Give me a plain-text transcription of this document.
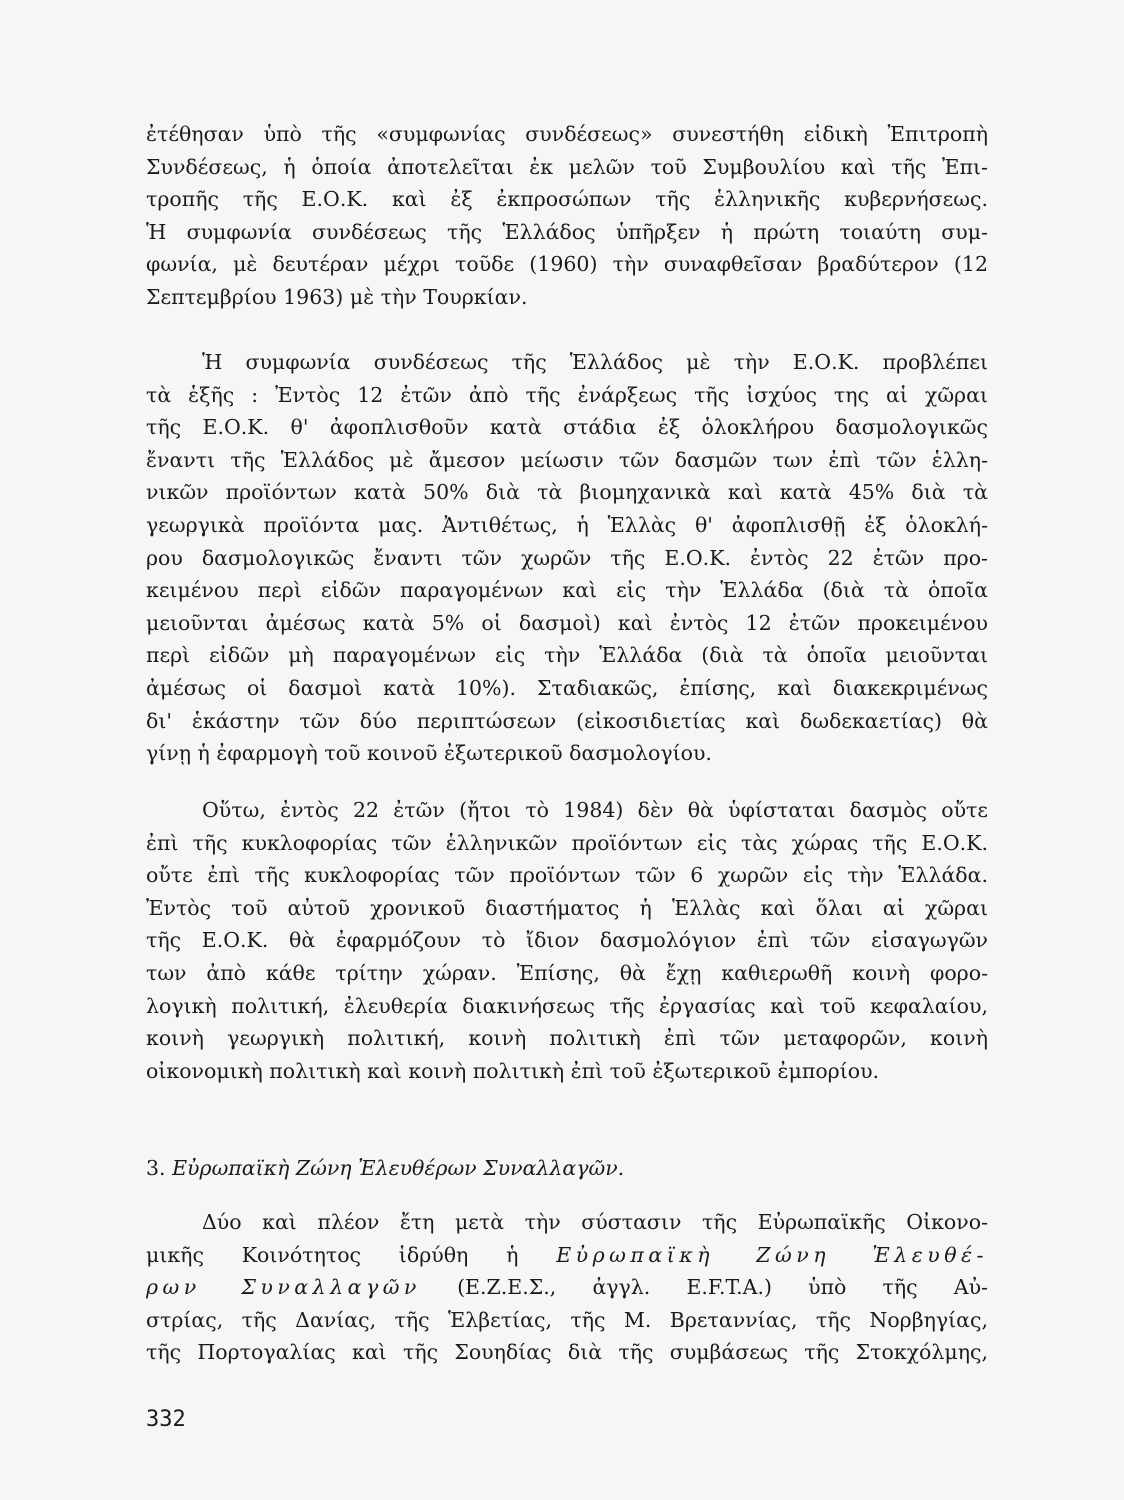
ἐτέθησαν ὑπὸ τῆς «συμφωνίας συνδέσεως» συνεστήθη εἰδικὴ Ἐπιτροπὴ
Συνδέσεως, ἡ ὁποία ἀποτελεῖται ἐκ μελῶν τοῦ Συμβουλίου καὶ τῆς Ἐπι-
τροπῆς τῆς Ε.Ο.Κ. καὶ ἐξ ἐκπροσώπων τῆς ἑλληνικῆς κυβερνήσεως.
Ἡ συμφωνία συνδέσεως τῆς Ἑλλάδος ὑπῆρξεν ἡ πρώτη τοιαύτη συμ-
φωνία, μὲ δευτέραν μέχρι τοῦδε (1960) τὴν συναφθεῖσαν βραδύτερον (12
Σεπτεμβρίου 1963) μὲ τὴν Τουρκίαν.
Ἡ συμφωνία συνδέσεως τῆς Ἑλλάδος μὲ τὴν Ε.Ο.Κ. προβλέπει
τὰ ἑξῆς : Ἐντὸς 12 ἐτῶν ἀπὸ τῆς ἐνάρξεως τῆς ἰσχύος της αἱ χῶραι
τῆς Ε.Ο.Κ. θ' ἀφοπλισθοῦν κατὰ στάδια ἐξ ὁλοκλήρου δασμολογικῶς
ἔναντι τῆς Ἑλλάδος μὲ ἄμεσον μείωσιν τῶν δασμῶν των ἐπὶ τῶν ἑλλη-
νικῶν προϊόντων κατὰ 50% διὰ τὰ βιομηχανικὰ καὶ κατὰ 45% διὰ τὰ
γεωργικὰ προϊόντα μας. Ἀντιθέτως, ἡ Ἑλλὰς θ' ἀφοπλισθῇ ἐξ ὁλοκλή-
ρου δασμολογικῶς ἔναντι τῶν χωρῶν τῆς Ε.Ο.Κ. ἐντὸς 22 ἐτῶν προ-
κειμένου περὶ εἰδῶν παραγομένων καὶ εἰς τὴν Ἑλλάδα (διὰ τὰ ὁποῖα
μειοῦνται ἀμέσως κατὰ 5% οἱ δασμοὶ) καὶ ἐντὸς 12 ἐτῶν προκειμένου
περὶ εἰδῶν μὴ παραγομένων εἰς τὴν Ἑλλάδα (διὰ τὰ ὁποῖα μειοῦνται
ἀμέσως οἱ δασμοὶ κατὰ 10%). Σταδιακῶς, ἐπίσης, καὶ διακεκριμένως
δι' ἑκάστην τῶν δύο περιπτώσεων (εἰκοσιδιετίας καὶ δωδεκαετίας) θὰ
γίνῃ ἡ ἐφαρμογὴ τοῦ κοινοῦ ἐξωτερικοῦ δασμολογίου.
Οὕτω, ἐντὸς 22 ἐτῶν (ἤτοι τὸ 1984) δὲν θὰ ὑφίσταται δασμὸς οὔτε
ἐπὶ τῆς κυκλοφορίας τῶν ἑλληνικῶν προϊόντων εἰς τὰς χώρας τῆς Ε.Ο.Κ.
οὔτε ἐπὶ τῆς κυκλοφορίας τῶν προϊόντων τῶν 6 χωρῶν εἰς τὴν Ἑλλάδα.
Ἐντὸς τοῦ αὐτοῦ χρονικοῦ διαστήματος ἡ Ἑλλὰς καὶ ὅλαι αἱ χῶραι
τῆς Ε.Ο.Κ. θὰ ἐφαρμόζουν τὸ ἴδιον δασμολόγιον ἐπὶ τῶν εἰσαγωγῶν
των ἀπὸ κάθε τρίτην χώραν. Ἐπίσης, θὰ ἔχῃ καθιερωθῆ κοινὴ φορο-
λογικὴ πολιτική, ἐλευθερία διακινήσεως τῆς ἐργασίας καὶ τοῦ κεφαλαίου,
κοινὴ γεωργικὴ πολιτική, κοινὴ πολιτικὴ ἐπὶ τῶν μεταφορῶν, κοινὴ
οἰκονομικὴ πολιτικὴ καὶ κοινὴ πολιτικὴ ἐπὶ τοῦ ἐξωτερικοῦ ἐμπορίου.
3. Εὐρωπαϊκὴ Ζώνη Ἐλευθέρων Συναλλαγῶν.
Δύο καὶ πλέον ἔτη μετὰ τὴν σύστασιν τῆς Εὐρωπαϊκῆς Οἰκονο-
μικῆς Κοινότητος ἱδρύθη ἡ Εὐρωπαϊκὴ Ζώνη Ἐλευθέ-
ρων Συναλλαγῶν (Ε.Ζ.Ε.Σ., ἀγγλ. E.F.T.A.) ὑπὸ τῆς Αὐ-
στρίας, τῆς Δανίας, τῆς Ἑλβετίας, τῆς Μ. Βρεταννίας, τῆς Νορβηγίας,
τῆς Πορτογαλίας καὶ τῆς Σουηδίας διὰ τῆς συμβάσεως τῆς Στοκχόλμης,
332
